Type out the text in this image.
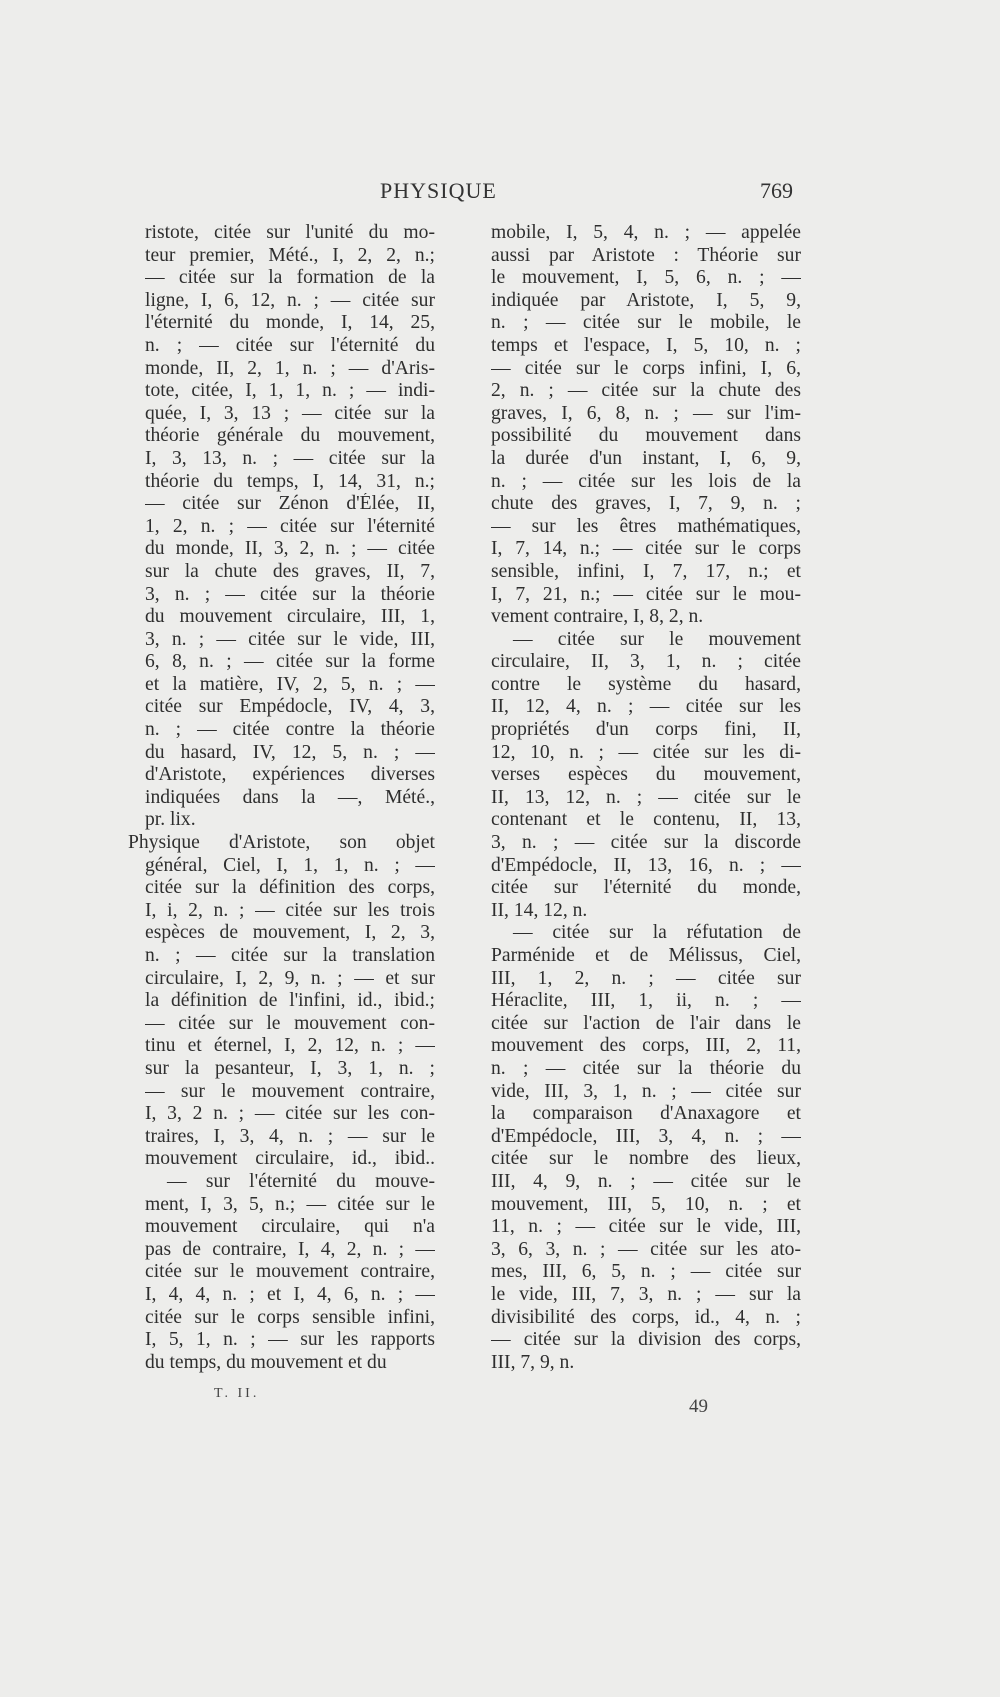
PHYSIQUE	769
ristote, citée sur l'unité du mo-
teur premier, Mété., I, 2, 2, n.;
— citée sur la formation de la
ligne, I, 6, 12, n. ; — citée sur
l'éternité du monde, I, 14, 25,
n. ; — citée sur l'éternité du
monde, II, 2, 1, n. ; — d'Aris-
tote, citée, I, 1, 1, n. ; — indi-
quée, I, 3, 13 ; — citée sur la
théorie générale du mouvement,
I, 3, 13, n. ; — citée sur la
théorie du temps, I, 14, 31, n.;
— citée sur Zénon d'Élée, II,
1, 2, n. ; — citée sur l'éternité
du monde, II, 3, 2, n. ; — citée
sur la chute des graves, II, 7,
3, n. ; — citée sur la théorie
du mouvement circulaire, III, 1,
3, n. ; — citée sur le vide, III,
6, 8, n. ; — citée sur la forme
et la matière, IV, 2, 5, n. ; —
citée sur Empédocle, IV, 4, 3,
n. ; — citée contre la théorie
du hasard, IV, 12, 5, n. ; —
d'Aristote, expériences diverses
indiquées dans la —, Mété.,
pr. lix.
Physique d'Aristote, son objet
général, Ciel, I, 1, 1, n. ; —
citée sur la définition des corps,
I, i, 2, n. ; — citée sur les trois
espèces de mouvement, I, 2, 3,
n. ; — citée sur la translation
circulaire, I, 2, 9, n. ; — et sur
la définition de l'infini, id., ibid.;
— citée sur le mouvement con-
tinu et éternel, I, 2, 12, n. ; —
sur la pesanteur, I, 3, 1, n. ;
— sur le mouvement contraire,
I, 3, 2 n. ; — citée sur les con-
traires, I, 3, 4, n. ; — sur le
mouvement circulaire, id., ibid..
— sur l'éternité du mouve-
ment, I, 3, 5, n.; — citée sur le
mouvement circulaire, qui n'a
pas de contraire, I, 4, 2, n. ; —
citée sur le mouvement contraire,
I, 4, 4, n. ; et I, 4, 6, n. ; —
citée sur le corps sensible infini,
I, 5, 1, n. ; — sur les rapports
du temps, du mouvement et du
mobile, I, 5, 4, n. ; — appelée
aussi par Aristote : Théorie sur
le mouvement, I, 5, 6, n. ; —
indiquée par Aristote, I, 5, 9,
n. ; — citée sur le mobile, le
temps et l'espace, I, 5, 10, n. ;
— citée sur le corps infini, I, 6,
2, n. ; — citée sur la chute des
graves, I, 6, 8, n. ; — sur l'im-
possibilité du mouvement dans
la durée d'un instant, I, 6, 9,
n. ; — citée sur les lois de la
chute des graves, I, 7, 9, n. ;
— sur les êtres mathématiques,
I, 7, 14, n.; — citée sur le corps
sensible, infini, I, 7, 17, n.; et
I, 7, 21, n.; — citée sur le mou-
vement contraire, I, 8, 2, n.
— citée sur le mouvement
circulaire, II, 3, 1, n. ; citée
contre le système du hasard,
II, 12, 4, n. ; — citée sur les
propriétés d'un corps fini, II,
12, 10, n. ; — citée sur les di-
verses espèces du mouvement,
II, 13, 12, n. ; — citée sur le
contenant et le contenu, II, 13,
3, n. ; — citée sur la discorde
d'Empédocle, II, 13, 16, n. ; —
citée sur l'éternité du monde,
II, 14, 12, n.
— citée sur la réfutation de
Parménide et de Mélissus, Ciel,
III, 1, 2, n. ; — citée sur
Héraclite, III, 1, ii, n. ; —
citée sur l'action de l'air dans le
mouvement des corps, III, 2, 11,
n. ; — citée sur la théorie du
vide, III, 3, 1, n. ; — citée sur
la comparaison d'Anaxagore et
d'Empédocle, III, 3, 4, n. ; —
citée sur le nombre des lieux,
III, 4, 9, n. ; — citée sur le
mouvement, III, 5, 10, n. ; et
11, n. ; — citée sur le vide, III,
3, 6, 3, n. ; — citée sur les ato-
mes, III, 6, 5, n. ; — citée sur
le vide, III, 7, 3, n. ; — sur la
divisibilité des corps, id., 4, n. ;
— citée sur la division des corps,
III, 7, 9, n.
T. II.
49
